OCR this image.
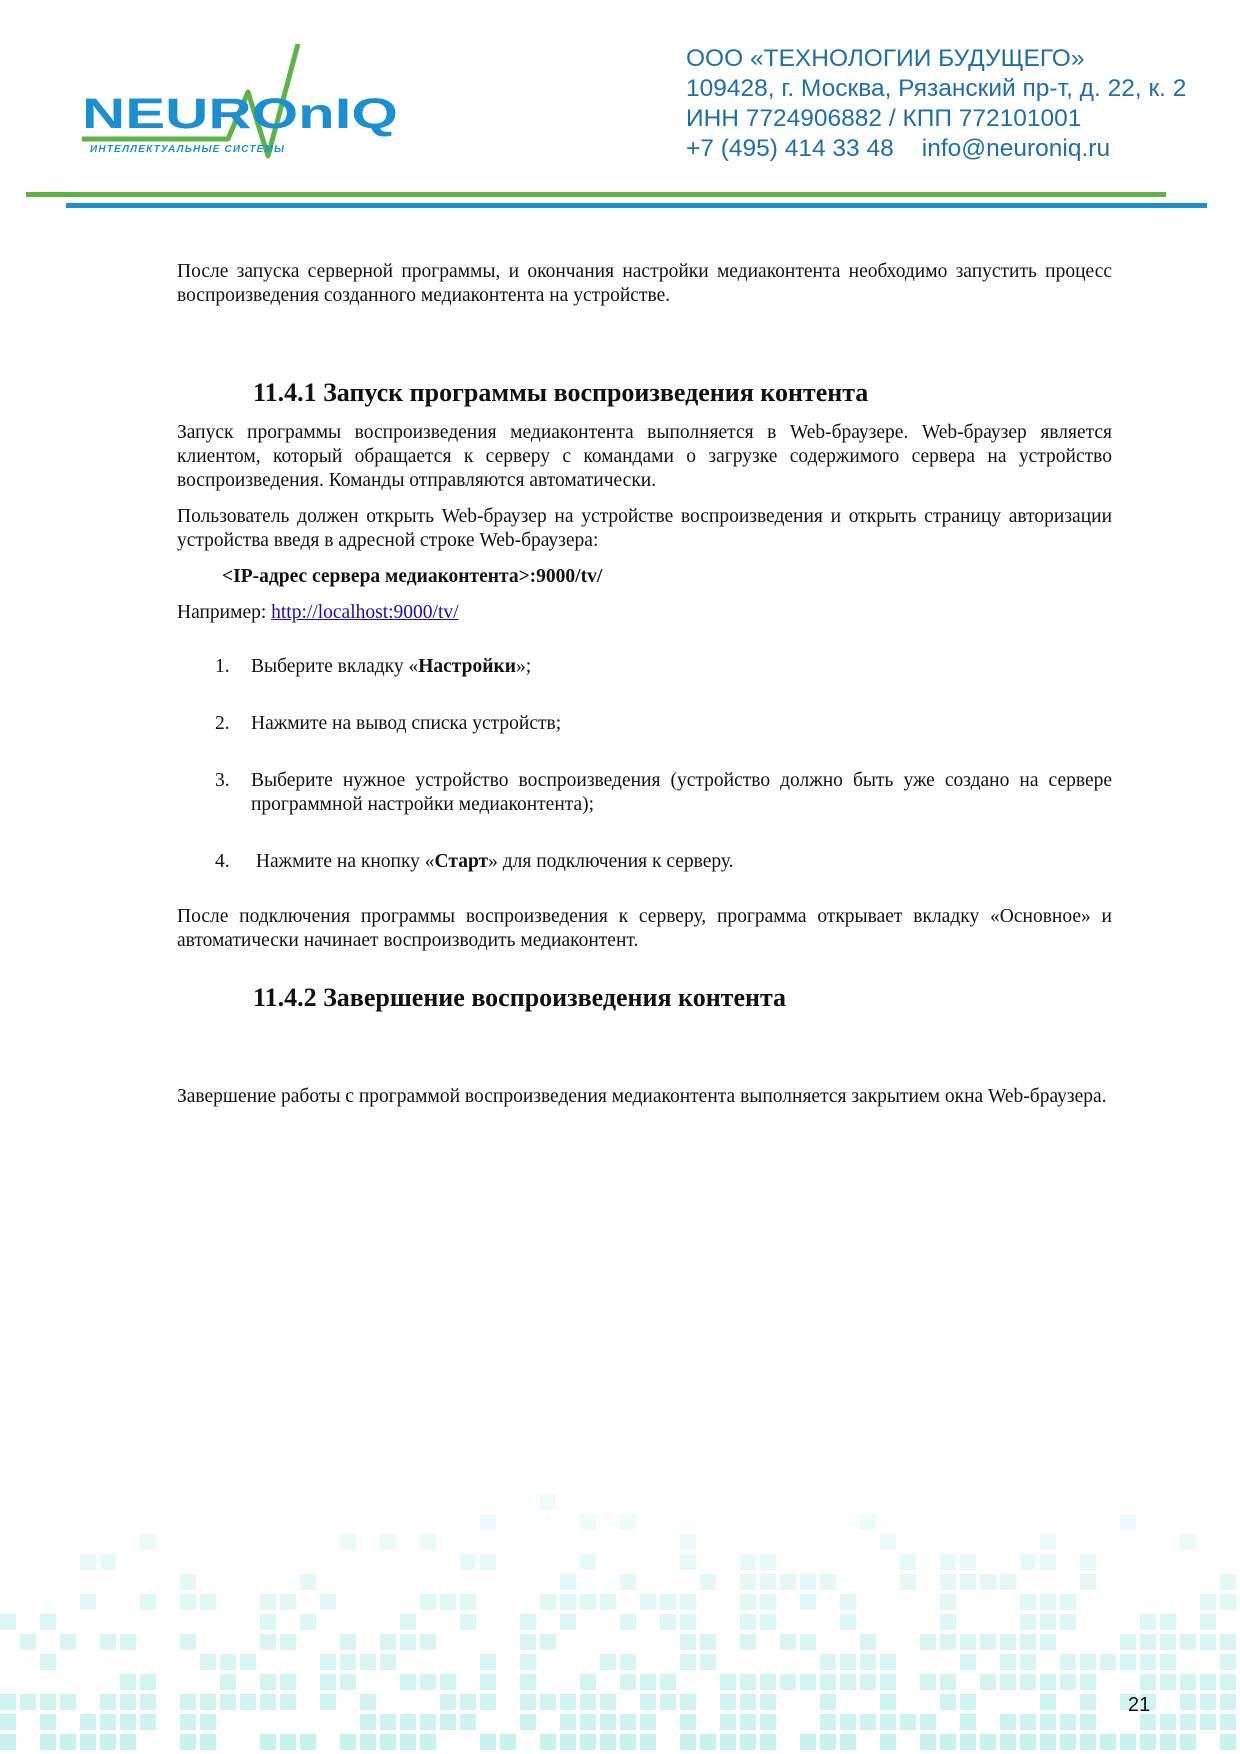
NEURO n IQ
ИНТЕЛЛЕКТУАЛЬНЫЕ СИСТЕМЫ
ООО «ТЕХНОЛОГИИ БУДУЩЕГО»
109428, г. Москва, Рязанский пр-т, д. 22, к. 2
ИНН 7724906882 / КПП 772101001
+7 (495) 414 33 48 info@neuroniq.ru

После запуска серверной программы, и окончания настройки медиаконтента необходимо запустить процесс воспроизведения созданного медиаконтента на устройстве.

11.4.1 Запуск программы воспроизведения контента

Запуск программы воспроизведения медиаконтента выполняется в Web-браузере. Web-браузер является клиентом, который обращается к серверу с командами о загрузке содержимого сервера на устройство воспроизведения. Команды отправляются автоматически.

Пользователь должен открыть Web-браузер на устройстве воспроизведения и открыть страницу авторизации устройства введя в адресной строке Web-браузера:

<IP-адрес сервера медиаконтента>:9000/tv/

Например: http://localhost:9000/tv/

1.	Выберите вкладку «Настройки»;
2.	Нажмите на вывод списка устройств;
3.	Выберите нужное устройство воспроизведения (устройство должно быть уже создано на сервере программной настройки медиаконтента);
4.	Нажмите на кнопку «Старт» для подключения к серверу.

После подключения программы воспроизведения к серверу, программа открывает вкладку «Основное» и автоматически начинает воспроизводить медиаконтент.

11.4.2 Завершение воспроизведения контента

Завершение работы с программой воспроизведения медиаконтента выполняется закрытием окна Web-браузера.

21
